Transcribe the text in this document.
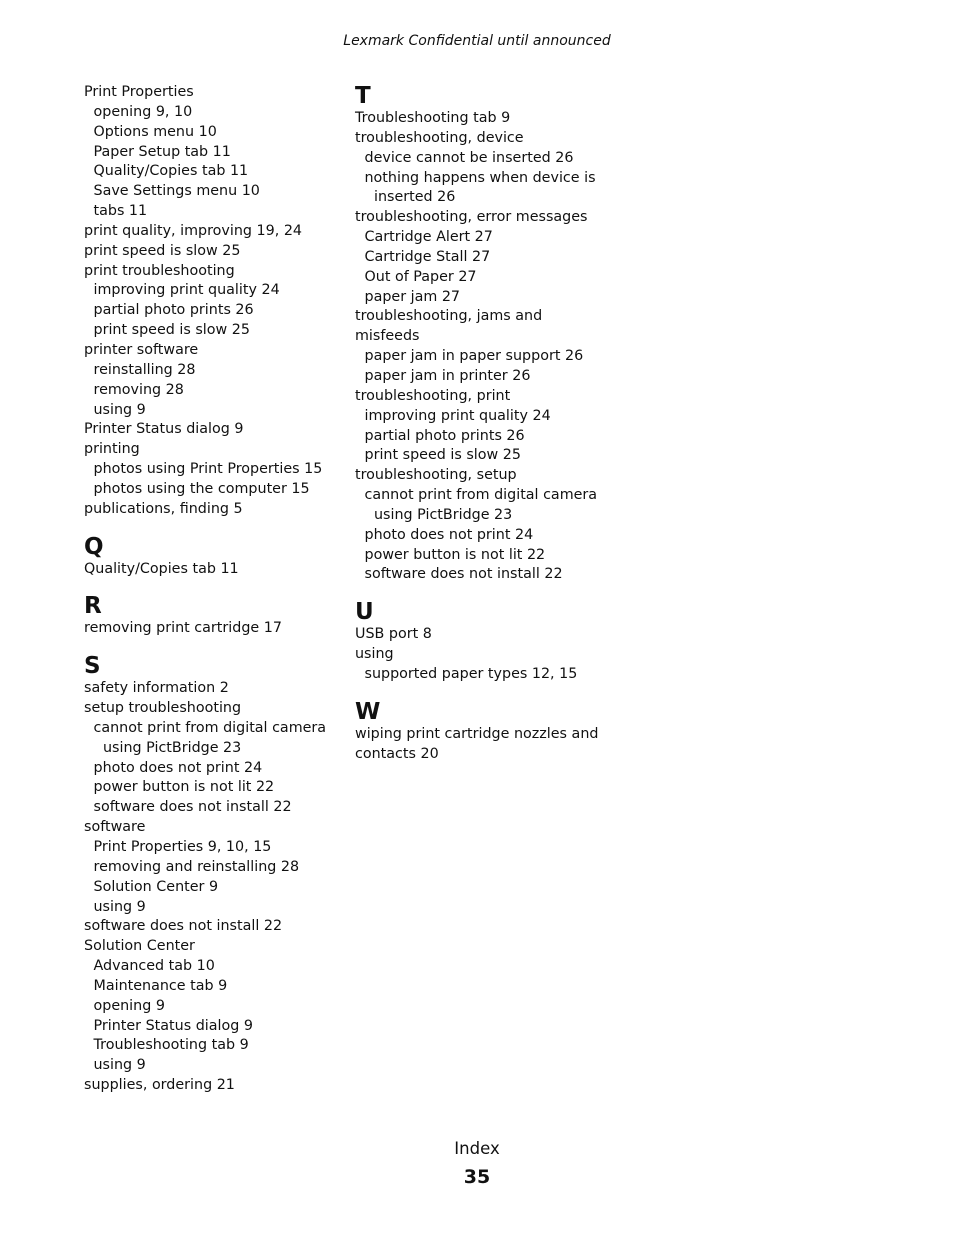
Lexmark Confidential until announced
Print Properties
opening 9, 10
Options menu 10
Paper Setup tab 11
Quality/Copies tab 11
Save Settings menu 10
tabs 11
print quality, improving 19, 24
print speed is slow 25
print troubleshooting
improving print quality 24
partial photo prints 26
print speed is slow 25
printer software
reinstalling 28
removing 28
using 9
Printer Status dialog 9
printing
photos using Print Properties 15
photos using the computer 15
publications, finding 5
Q
Quality/Copies tab 11
R
removing print cartridge 17
S
safety information 2
setup troubleshooting
cannot print from digital camera
using PictBridge 23
photo does not print 24
power button is not lit 22
software does not install 22
software
Print Properties 9, 10, 15
removing and reinstalling 28
Solution Center 9
using 9
software does not install 22
Solution Center
Advanced tab 10
Maintenance tab 9
opening 9
Printer Status dialog 9
Troubleshooting tab 9
using 9
supplies, ordering 21
T
Troubleshooting tab 9
troubleshooting, device
device cannot be inserted 26
nothing happens when device is
inserted 26
troubleshooting, error messages
Cartridge Alert 27
Cartridge Stall 27
Out of Paper 27
paper jam 27
troubleshooting, jams and
misfeeds
paper jam in paper support 26
paper jam in printer 26
troubleshooting, print
improving print quality 24
partial photo prints 26
print speed is slow 25
troubleshooting, setup
cannot print from digital camera
using PictBridge 23
photo does not print 24
power button is not lit 22
software does not install 22
U
USB port 8
using
supported paper types 12, 15
W
wiping print cartridge nozzles and
contacts 20
Index
35
